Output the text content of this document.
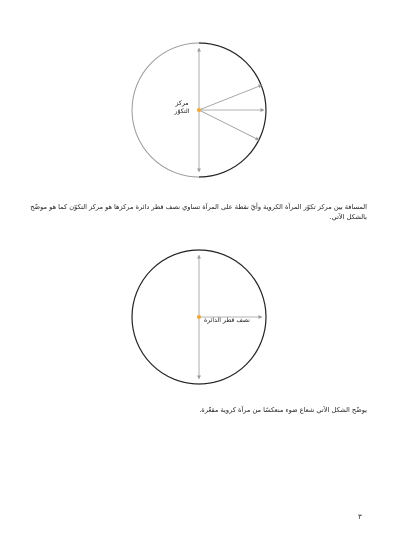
مركز
التكوّر
المسافة بين مركز تكوّر المرآة الكروية وأيّ نقطة على المرآة تساوي نصف قطر دائرة مركزها هو مركز التكوّن كما هو موضّح بالشكل الآتي.
نصف قطر الدائرة
يوضّح الشكل الآتي شعاع ضوء منعكسًا من مرآة كروية مقعّرة.
٣
